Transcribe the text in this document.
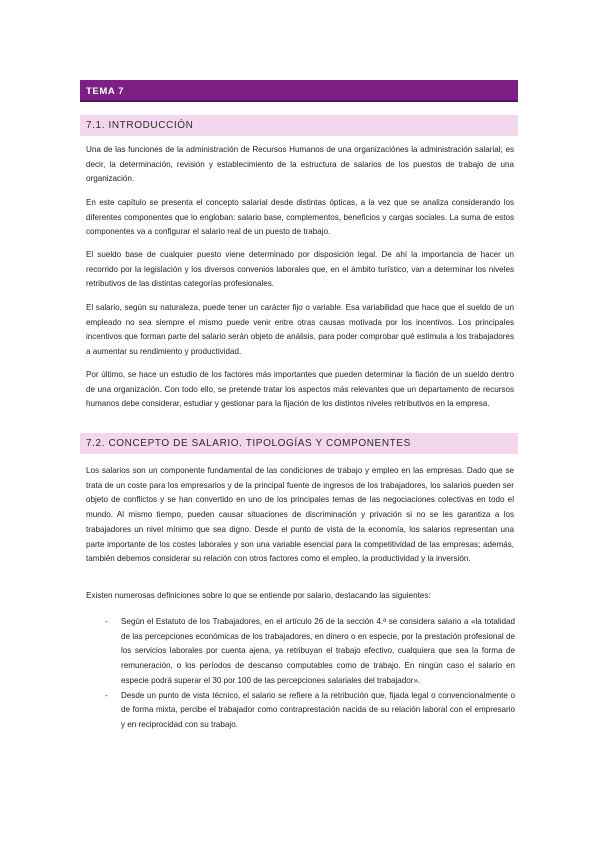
TEMA 7
7.1. INTRODUCCIÓN

Una de las funciones de la administración de Recursos Humanos de una organizaciónes la administración salarial; es decir, la determinación, revisión y establecimiento de la estructura de salarios de los puestos de trabajo de una organización.

En este capítulo se presenta el concepto salarial desde distintas ópticas, a la vez que se analiza considerando los diferentes componentes que lo engloban: salario base, complementos, beneficios y cargas sociales. La suma de estos componentes va a configurar el salario real de un puesto de trabajo.

El sueldo base de cualquier puesto viene determinado por disposición legal. De ahí la importancia de hacer un recorrido por la legislación y los diversos convenios laborales que, en el ámbito turístico, van a determinar los niveles retributivos de las distintas categorías profesionales.

El salario, según su naturaleza, puede tener un carácter fijo o variable. Esa variabilidad que hace que el sueldo de un empleado no sea siempre el mismo puede venir entre otras causas motivada por los incentivos. Los principales incentivos que forman parte del salario serán objeto de análisis, para poder comprobar qué estimula a los trabajadores a aumentar su rendimiento y productividad.

Por último, se hace un estudio de los factores más importantes que pueden determinar la fiación de un sueldo dentro de una organización. Con todo ello, se pretende tratar los aspectos más relevantes que un departamento de recursos humanos debe considerar, estudiar y gestionar para la fijación de los distintos niveles retributivos en la empresa.

7.2. CONCEPTO DE SALARIO. TIPOLOGÍAS Y COMPONENTES

Los salarios son un componente fundamental de las condiciones de trabajo y empleo en las empresas. Dado que se trata de un coste para los empresarios y de la principal fuente de ingresos de los trabajadores, los salarios pueden ser objeto de conflictos y se han convertido en uno de los principales temas de las negociaciones colectivas en todo el mundo. Al mismo tiempo, pueden causar situaciones de discriminación y privación si no se les garantiza a los trabajadores un nivel mínimo que sea digno. Desde el punto de vista de la economía, los salarios representan una parte importante de los costes laborales y son una variable esencial para la competitividad de las empresas; además, también debemos considerar su relación con otros factores como el empleo, la productividad y la inversión.

Existen numerosas definiciones sobre lo que se entiende por salario, destacando las siguientes:

- Según el Estatuto de los Trabajadores, en el artículo 26 de la sección 4.ª se considera salario a «la totalidad de las percepciones económicas de los trabajadores, en dinero o en especie, por la prestación profesional de los servicios laborales por cuenta ajena, ya retribuyan el trabajo efectivo, cualquiera que sea la forma de remuneración, o los períodos de descanso computables como de trabajo. En ningún caso el salario en especie podrá superar el 30 por 100 de las percepciones salariales del trabajador».
- Desde un punto de vista técnico, el salario se refiere a la retribución que, fijada legal o convencionalmente o de forma mixta, percibe el trabajador como contraprestación nacida de su relación laboral con el empresario y en reciprocidad con su trabajo.
